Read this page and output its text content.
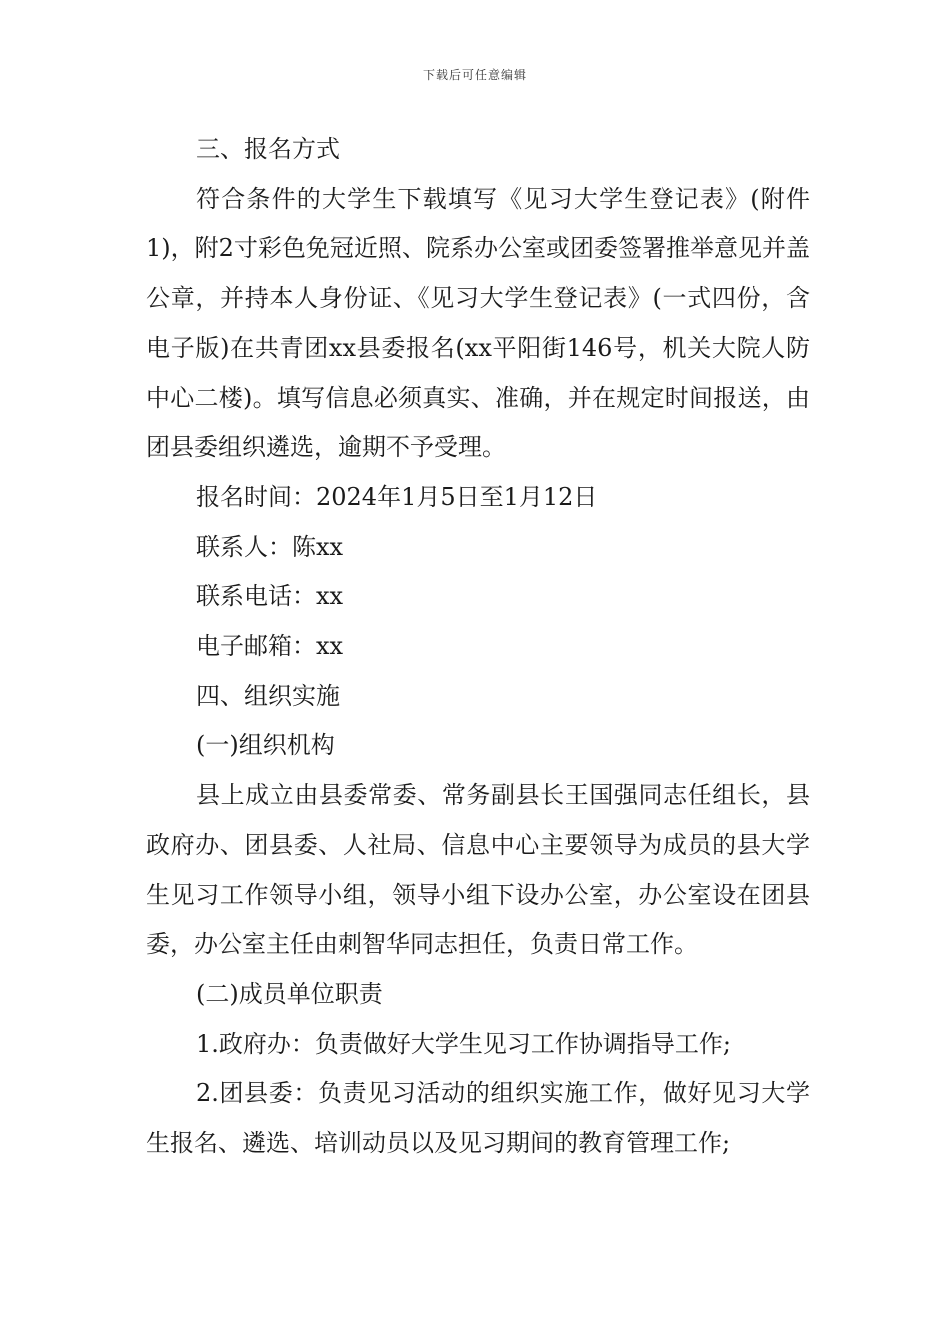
下载后可任意编辑

三、报名方式

符合条件的大学生下载填写《见习大学生登记表》(附件1)，附2寸彩色免冠近照、院系办公室或团委签署推举意见并盖公章，并持本人身份证、《见习大学生登记表》(一式四份，含电子版)在共青团xx县委报名(xx平阳街146号，机关大院人防中心二楼)。填写信息必须真实、准确，并在规定时间报送，由团县委组织遴选，逾期不予受理。

报名时间：2024年1月5日至1月12日

联系人：陈xx

联系电话：xx

电子邮箱：xx

四、组织实施

(一)组织机构

县上成立由县委常委、常务副县长王国强同志任组长，县政府办、团县委、人社局、信息中心主要领导为成员的县大学生见习工作领导小组，领导小组下设办公室，办公室设在团县委，办公室主任由刺智华同志担任，负责日常工作。

(二)成员单位职责

1.政府办：负责做好大学生见习工作协调指导工作;

2.团县委：负责见习活动的组织实施工作，做好见习大学生报名、遴选、培训动员以及见习期间的教育管理工作;
